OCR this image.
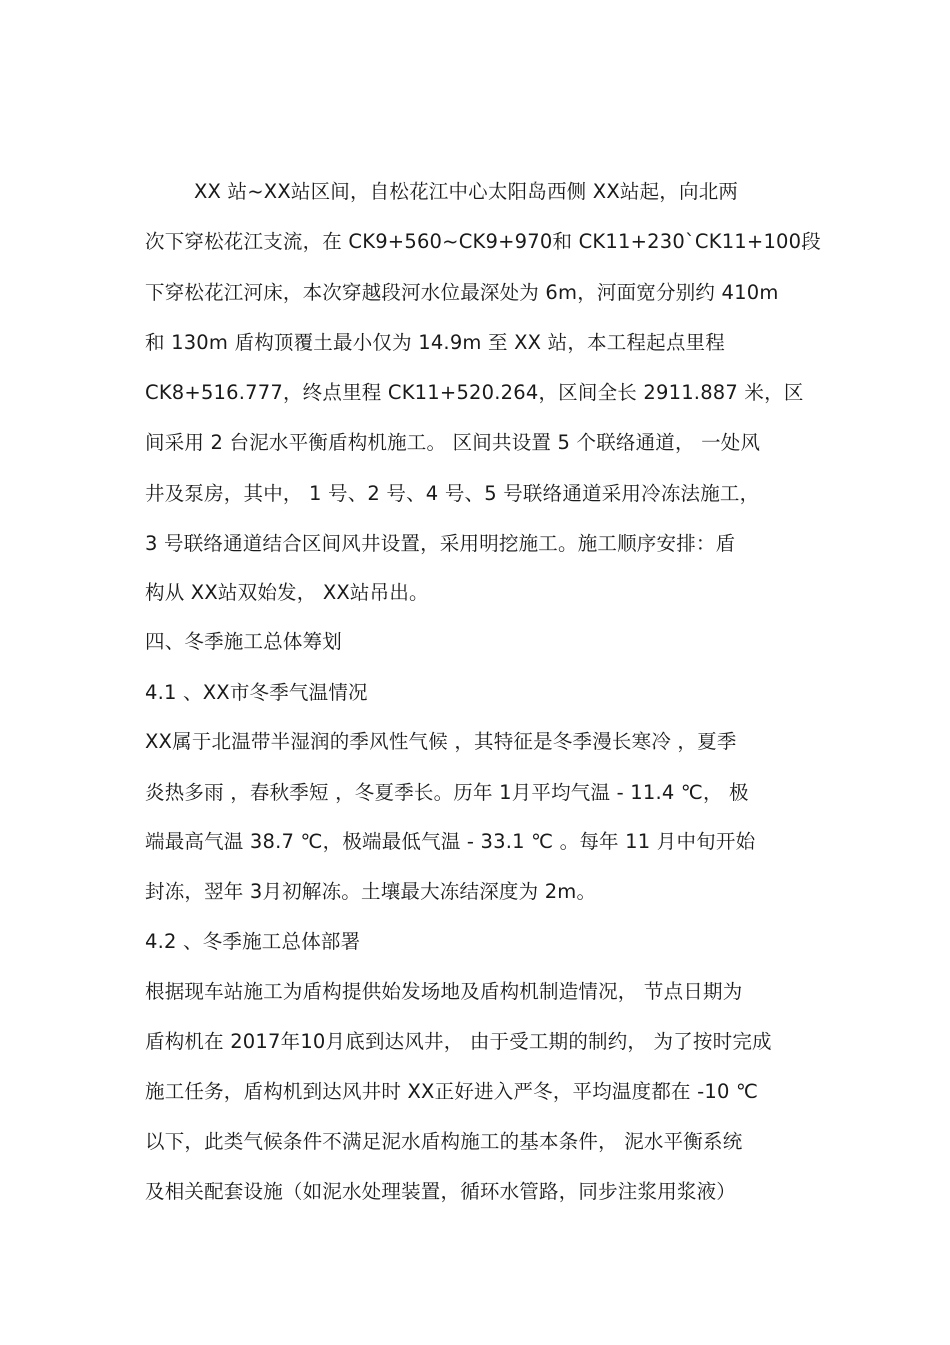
XX 站~XX站区间，自松花江中心太阳岛西侧 XX站起，向北两
次下穿松花江支流，在 CK9+560~CK9+970和 CK11+230`CK11+100段
下穿松花江河床，本次穿越段河水位最深处为 6m，河面宽分别约 410m
和 130m 盾构顶覆土最小仅为 14.9m 至 XX 站，本工程起点里程
CK8+516.777，终点里程 CK11+520.264，区间全长 2911.887 米，区
间采用 2 台泥水平衡盾构机施工。 区间共设置 5 个联络通道， 一处风
井及泵房，其中， 1 号、2 号、4 号、5 号联络通道采用冷冻法施工，
3 号联络通道结合区间风井设置，采用明挖施工。施工顺序安排：盾
构从 XX站双始发， XX站吊出。
四、冬季施工总体筹划
4.1 、XX市冬季气温情况
XX属于北温带半湿润的季风性气候 ，其特征是冬季漫长寒冷 ，夏季
炎热多雨 ，春秋季短 ，冬夏季长。历年 1月平均气温 - 11.4 ℃， 极
端最高气温 38.7 ℃，极端最低气温 - 33.1 ℃ 。每年 11 月中旬开始
封冻，翌年 3月初解冻。土壤最大冻结深度为 2m。
4.2 、冬季施工总体部署
根据现车站施工为盾构提供始发场地及盾构机制造情况， 节点日期为
盾构机在 2017年10月底到达风井， 由于受工期的制约， 为了按时完成
施工任务，盾构机到达风井时 XX正好进入严冬，平均温度都在 -10 ℃
以下，此类气候条件不满足泥水盾构施工的基本条件， 泥水平衡系统
及相关配套设施（如泥水处理装置，循环水管路，同步注浆用浆液）
